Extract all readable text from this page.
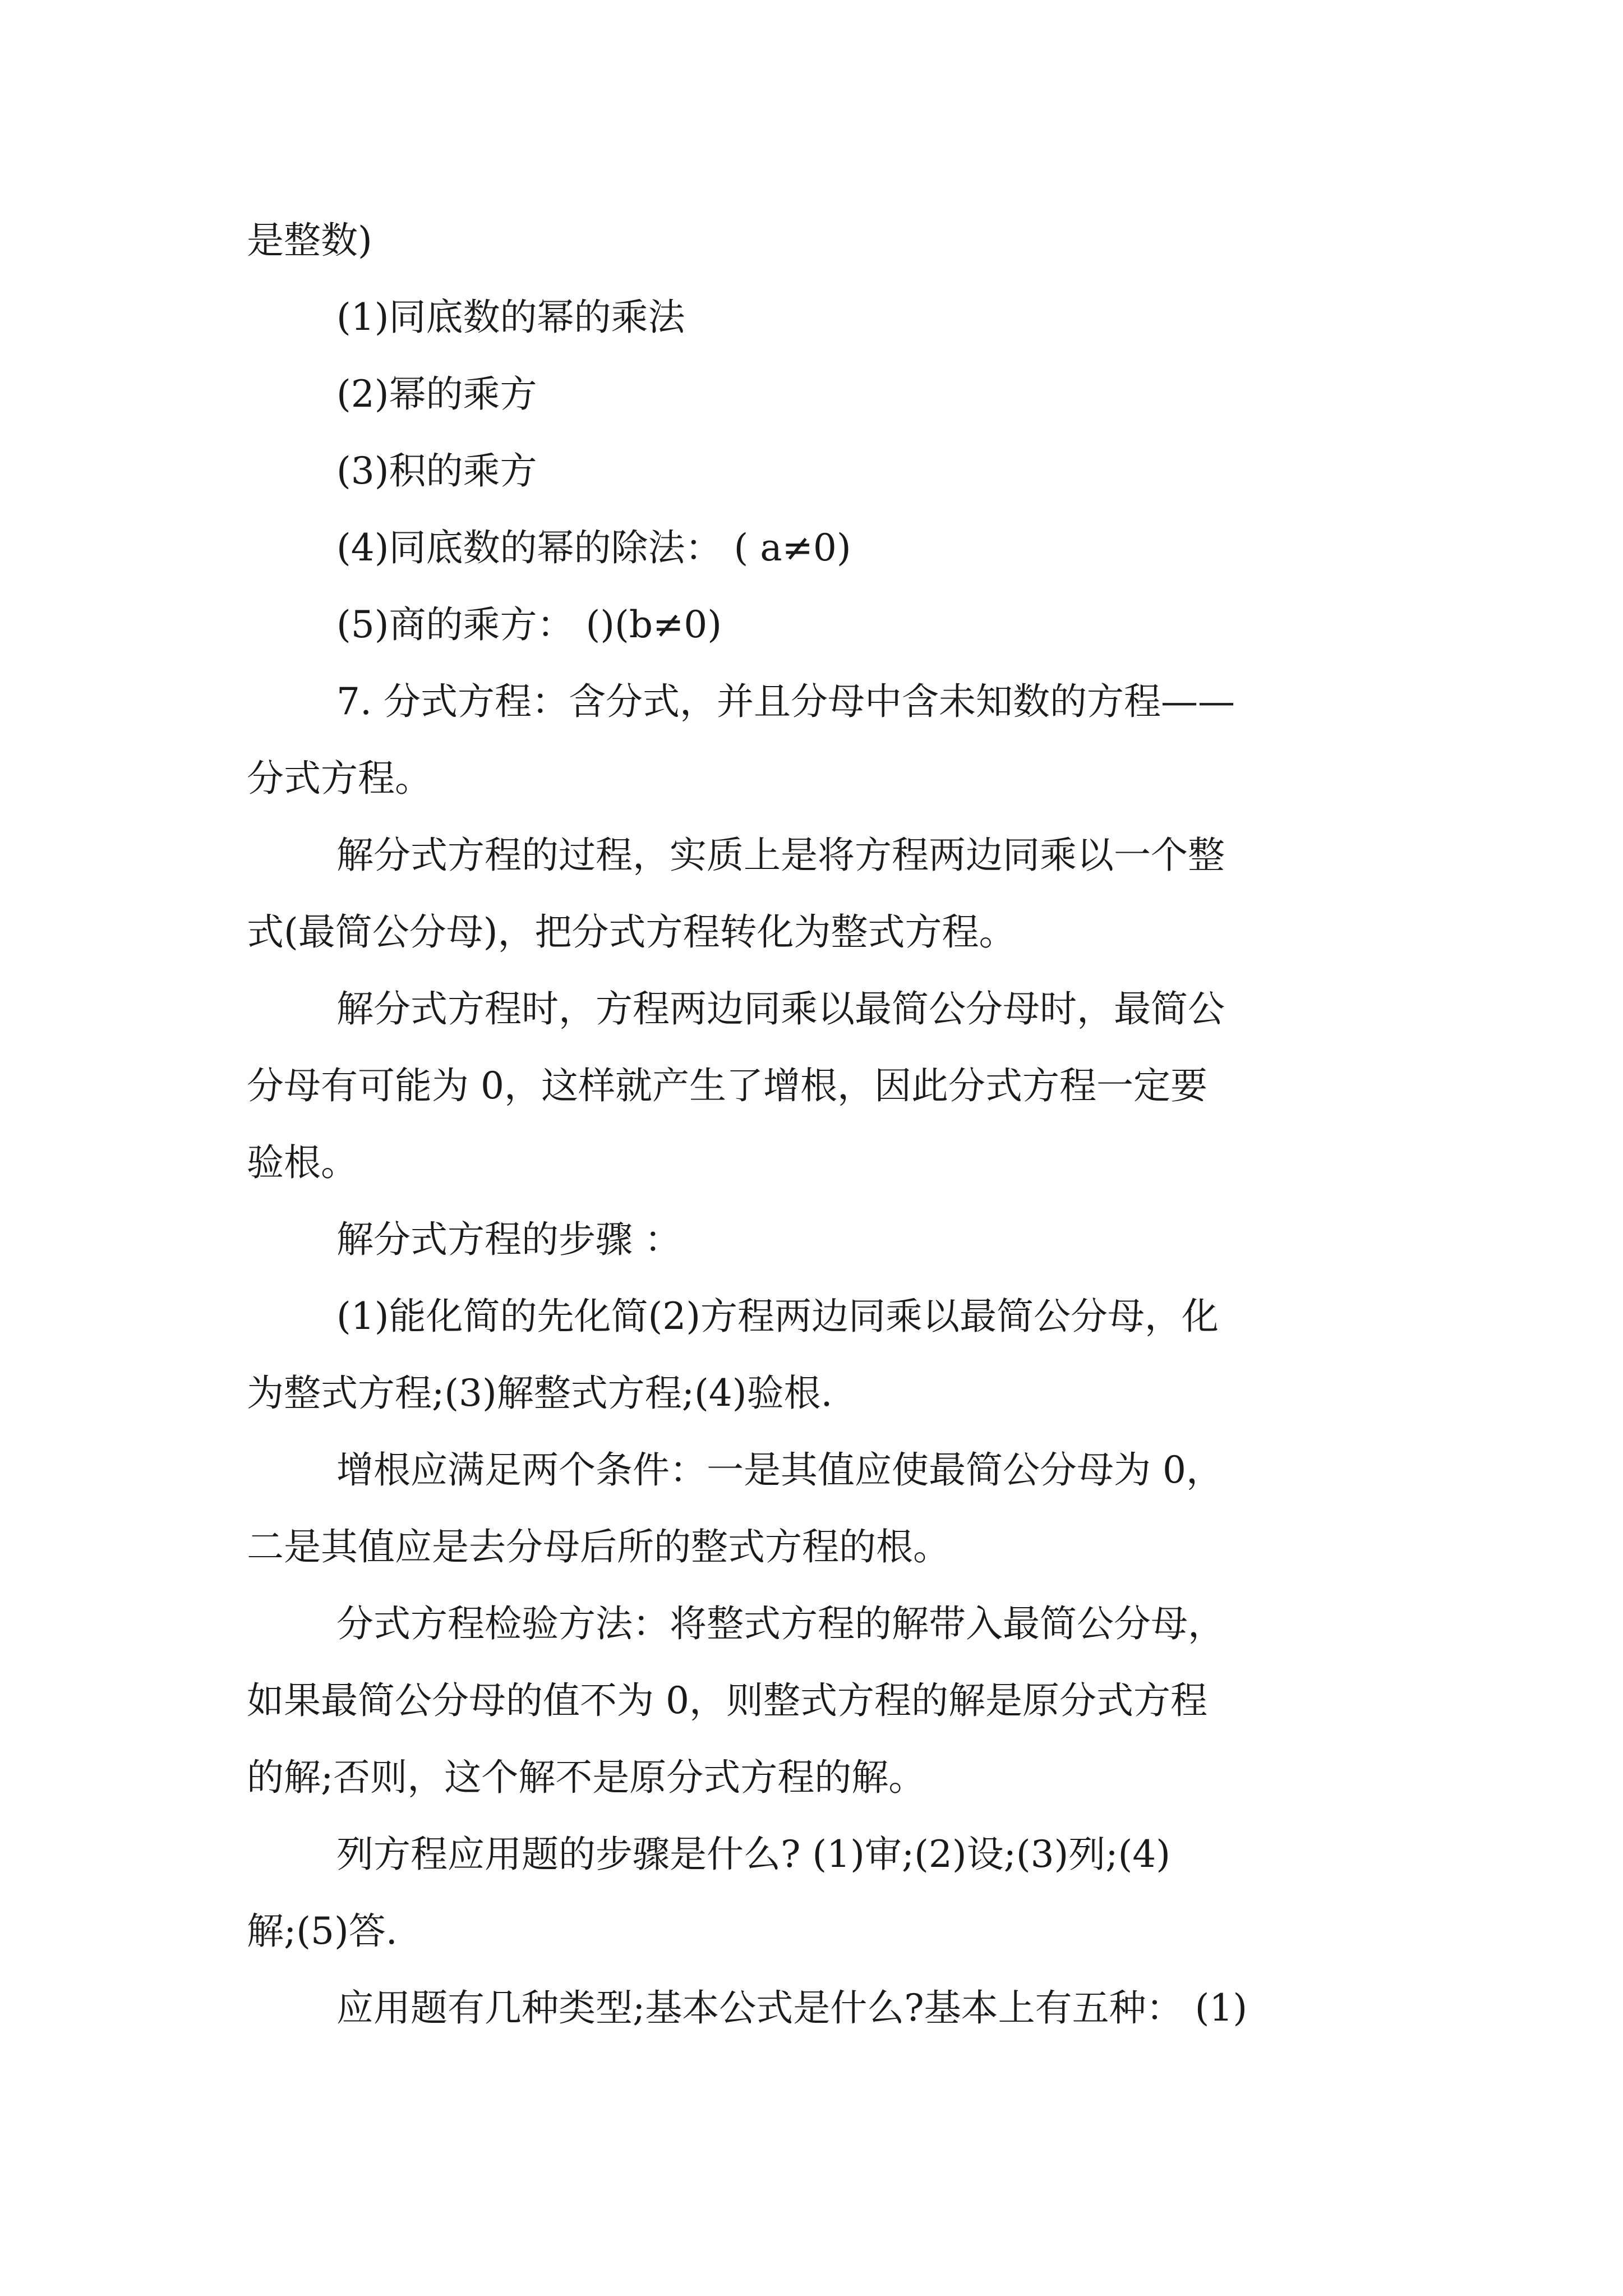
是整数)

(1)同底数的幂的乘法

(2)幂的乘方

(3)积的乘方

(4)同底数的幂的除法： ( a≠0)

(5)商的乘方： ()(b≠0)

7. 分式方程：含分式，并且分母中含未知数的方程——

分式方程。

解分式方程的过程，实质上是将方程两边同乘以一个整

式(最简公分母)，把分式方程转化为整式方程。

解分式方程时，方程两边同乘以最简公分母时，最简公

分母有可能为 0，这样就产生了增根，因此分式方程一定要

验根。

解分式方程的步骤 ：

(1)能化简的先化简(2)方程两边同乘以最简公分母，化

为整式方程;(3)解整式方程;(4)验根.

增根应满足两个条件：一是其值应使最简公分母为 0，

二是其值应是去分母后所的整式方程的根。

分式方程检验方法：将整式方程的解带入最简公分母，

如果最简公分母的值不为 0，则整式方程的解是原分式方程

的解;否则，这个解不是原分式方程的解。

列方程应用题的步骤是什么? (1)审;(2)设;(3)列;(4)

解;(5)答.

应用题有几种类型;基本公式是什么?基本上有五种： (1)
